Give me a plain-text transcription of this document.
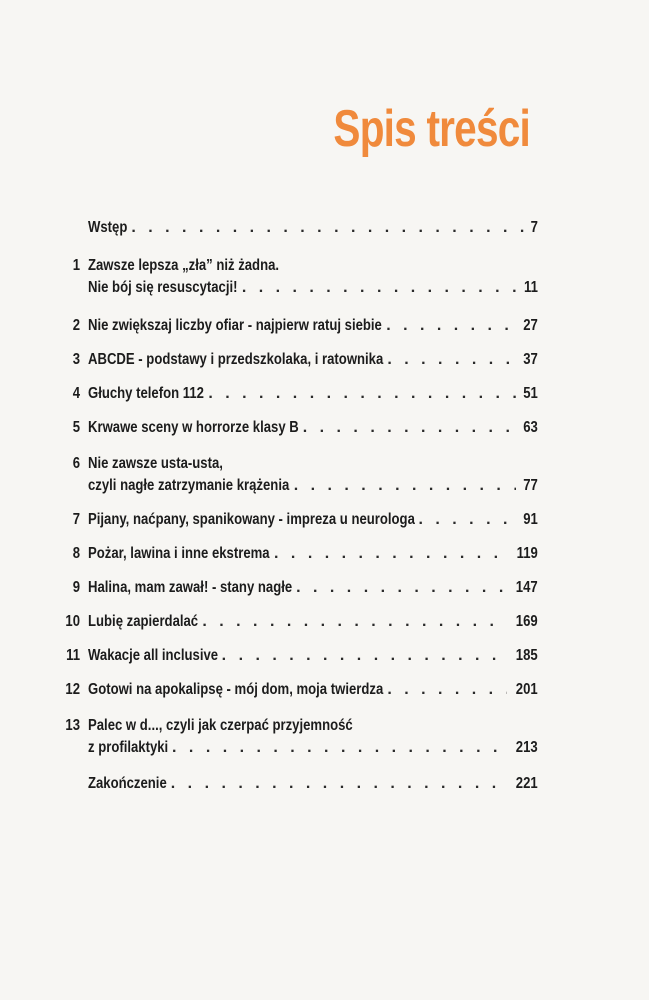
Spis treści
Wstęp . . .	7
1 Zawsze lepsza „zła” niż żadna.
Nie bój się resuscytacji! . . .	11
2 Nie zwiększaj liczby ofiar - najpierw ratuj siebie . . .	27
3 ABCDE - podstawy i przedszkolaka, i ratownika . . .	37
4 Głuchy telefon 112 . . .	51
5 Krwawe sceny w horrorze klasy B . . .	63
6 Nie zawsze usta-usta,
czyli nagłe zatrzymanie krążenia . . .	77
7 Pijany, naćpany, spanikowany - impreza u neurologa . . .	91
8 Pożar, lawina i inne ekstrema . . .	119
9 Halina, mam zawał! - stany nagłe . . .	147
10 Lubię zapierdalać . . .	169
11 Wakacje all inclusive . . .	185
12 Gotowi na apokalipsę - mój dom, moja twierdza . . .	201
13 Palec w d..., czyli jak czerpać przyjemność
z profilaktyki . . .	213
Zakończenie . . .	221
